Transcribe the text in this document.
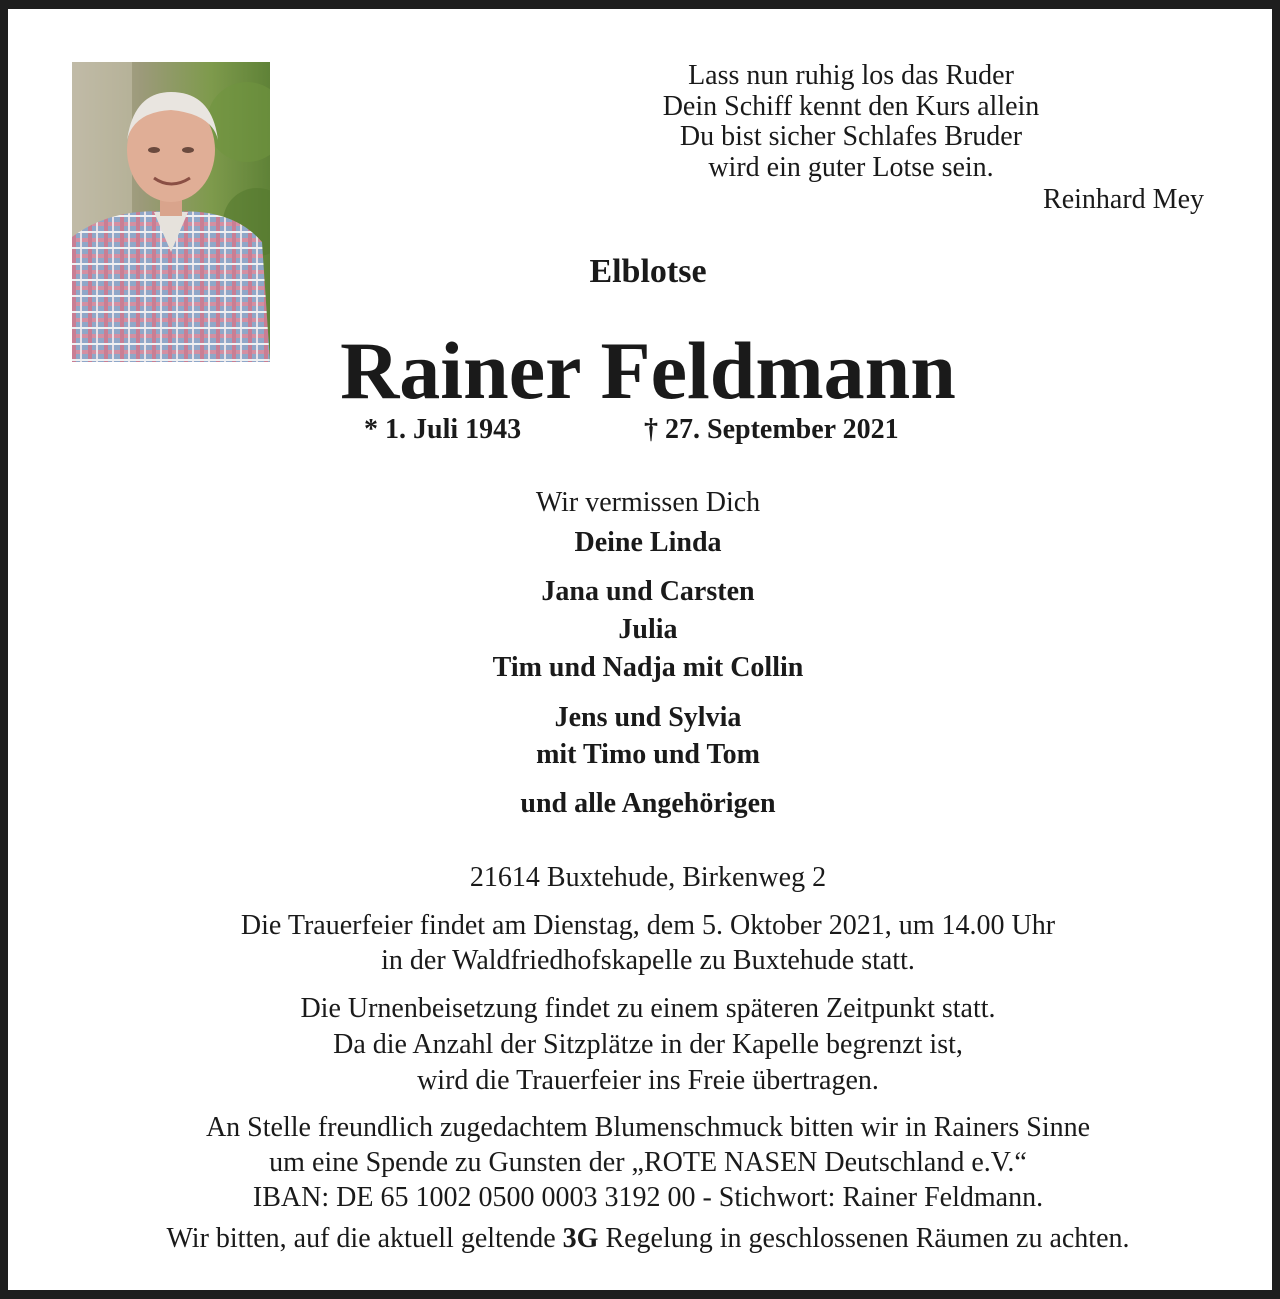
Lass nun ruhig los das Ruder
Dein Schiff kennt den Kurs allein
Du bist sicher Schlafes Bruder
wird ein guter Lotse sein.
Reinhard Mey
Elblotse
Rainer Feldmann
* 1. Juli 1943	† 27. September 2021
Wir vermissen Dich
Deine Linda
Jana und Carsten
Julia
Tim und Nadja mit Collin
Jens und Sylvia
mit Timo und Tom
und alle Angehörigen
21614 Buxtehude, Birkenweg 2
Die Trauerfeier findet am Dienstag, dem 5. Oktober 2021, um 14.00 Uhr
in der Waldfriedhofskapelle zu Buxtehude statt.
Die Urnenbeisetzung findet zu einem späteren Zeitpunkt statt.
Da die Anzahl der Sitzplätze in der Kapelle begrenzt ist,
wird die Trauerfeier ins Freie übertragen.
An Stelle freundlich zugedachtem Blumenschmuck bitten wir in Rainers Sinne
um eine Spende zu Gunsten der „ROTE NASEN Deutschland e.V.“
IBAN: DE 65 1002 0500 0003 3192 00 - Stichwort: Rainer Feldmann.
Wir bitten, auf die aktuell geltende 3G Regelung in geschlossenen Räumen zu achten.
